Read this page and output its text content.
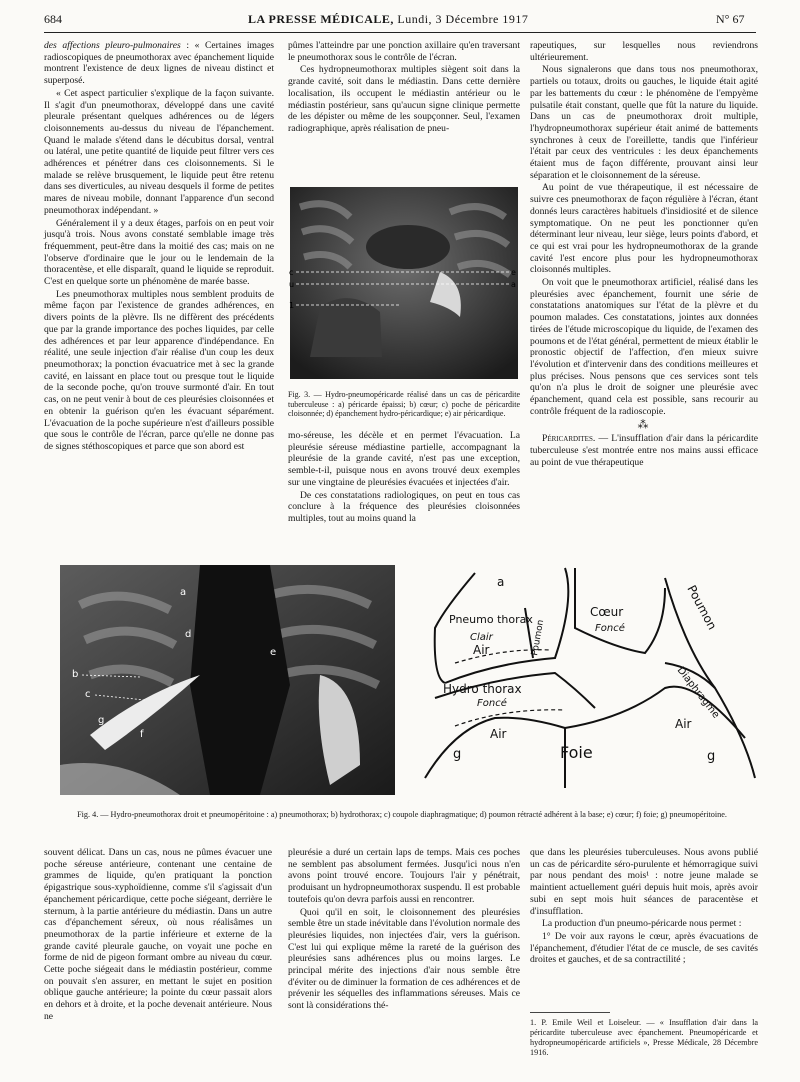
684	LA PRESSE MÉDICALE, Lundi, 3 Décembre 1917	N° 67

des affections pleuro-pulmonaires : « Certaines images radioscopiques de pneumothorax avec épanchement liquide montrent l'existence de deux lignes de niveau distinct et superposé.

« Cet aspect particulier s'explique de la façon suivante. Il s'agit d'un pneumothorax, développé dans une cavité pleurale présentant quelques adhérences ou de légers cloisonnements au-dessus du niveau de l'épanchement. Quand le malade s'étend dans le décubitus dorsal, ventral ou latéral, une petite quantité de liquide peut filtrer vers ces adhérences et pénétrer dans ces cloisonnements. Si le malade se relève brusquement, le liquide peut être retenu dans ses diverticules, au niveau desquels il forme de petites mares de niveau mobile, donnant l'apparence d'un second pneumothorax indépendant. »

Généralement il y a deux étages, parfois on en peut voir jusqu'à trois. Nous avons constaté semblable image très fréquemment, peut-être dans la moitié des cas; mais on ne l'observe d'ordinaire que le jour ou le lendemain de la thoracentèse, et elle disparaît, quand le liquide se reproduit. C'est en quelque sorte un phénomène de marée basse.

Les pneumothorax multiples nous semblent produits de même façon par l'existence de grandes adhérences, en divers points de la plèvre. Ils ne diffèrent des précédents que par la grande importance des poches liquides, par celle des adhérences et par leur apparence d'indépendance. En réalité, une seule injection d'air réalise d'un coup les deux pneumothorax; la ponction évacuatrice met à sec la grande cavité, en laissant en place tout ou presque tout le liquide de la seconde poche, qu'on trouve surmonté d'air. En tout cas, on ne peut venir à bout de ces pleurésies cloisonnées et en obtenir la guérison qu'en les évacuant séparément. L'évacuation de la poche supérieure n'est d'ailleurs possible que sous le contrôle de l'écran, parce qu'elle ne donne pas de signes stéthoscopiques et parce que son abord est

pûmes l'atteindre par une ponction axillaire qu'en traversant le pneumothorax sous le contrôle de l'écran.

Ces hydropneumothorax multiples siègent soit dans la grande cavité, soit dans le médiastin. Dans cette dernière localisation, ils occupent le médiastin antérieur ou le médiastin postérieur, sans qu'aucun signe clinique permette de les dépister ou même de les soupçonner. Seul, l'examen radiographique, après réalisation de pneu-

c
u
1
e
a
Fig. 3. — Hydro-pneumopéricarde réalisé dans un cas de péricardite tuberculeuse : a) péricarde épaissi; b) cœur; c) poche de péricardite cloisonnée; d) épanchement hydro-péricardique; e) air péricardique.

mo-séreuse, les décèle et en permet l'évacuation. La pleurésie séreuse médiastine partielle, accompagnant la pleurésie de la grande cavité, n'est pas une exception, semble-t-il, puisque nous en avons trouvé deux exemples sur une vingtaine de pleurésies évacuées et injectées d'air.

De ces constatations radiologiques, on peut en tous cas conclure à la fréquence des pleurésies cloisonnées multiples, tout au moins quand la

rapeutiques, sur lesquelles nous reviendrons ultérieurement.

Nous signalerons que dans tous nos pneumothorax, partiels ou totaux, droits ou gauches, le liquide était agité par les battements du cœur : le phénomène de l'empyème pulsatile était constant, quelle que fût la nature du liquide. Dans un cas de pneumothorax droit multiple, l'hydropneumothorax supérieur était animé de battements synchrones à ceux de l'oreillette, tandis que l'inférieur l'était par ceux des ventricules : les deux épanchements étaient mus de façon différente, prouvant ainsi leur séparation et le cloisonnement de la séreuse.

Au point de vue thérapeutique, il est nécessaire de suivre ces pneumothorax de façon régulière à l'écran, étant donnés leurs caractères habituels d'insidiosité et de silence symptomatique. On ne peut les ponctionner qu'en déterminant leur niveau, leur siège, leurs points d'abord, et ce qui est vrai pour les hydropneumothorax de la grande cavité l'est encore plus pour les hydropneumothorax cloisonnés multiples.

On voit que le pneumothorax artificiel, réalisé dans les pleurésies avec épanchement, fournit une série de constatations anatomiques sur l'état de la plèvre et du poumon malades. Ces constatations, jointes aux données tirées de l'étude microscopique du liquide, de l'examen des poumons et de l'état général, permettent de mieux établir le pronostic objectif de l'affection, d'en mieux suivre l'évolution et d'intervenir dans des conditions meilleures et plus précises. Nous pensons que ces services sont tels qu'on n'a plus le droit de soigner une pleurésie avec épanchement, quand cela est possible, sans recourir au contrôle fréquent de la radioscopie.

⁂

Péricardites. — L'insufflation d'air dans la péricardite tuberculeuse s'est montrée entre nos mains aussi efficace au point de vue thérapeutique

a
d
e
b
c
g
f
a
Pneumo thorax
Clair
Air	Poumon
Cœur
Foncé	Poumon
Hydro thorax
Foncé	Diaphragme
Air
Air
g	Foie	g
Fig. 4. — Hydro-pneumothorax droit et pneumopéritoine : a) pneumothorax; b) hydrothorax; c) coupole diaphragmatique; d) poumon rétracté adhérent à la base; e) cœur; f) foie; g) pneumopéritoine.

souvent délicat. Dans un cas, nous ne pûmes évacuer une poche séreuse antérieure, contenant une centaine de grammes de liquide, qu'en pratiquant la ponction épigastrique sous-xyphoïdienne, comme s'il s'agissait d'un épanchement péricardique, cette poche siégeant, derrière le sternum, à la partie antérieure du médiastin. Dans un autre cas d'épanchement séreux, où nous réalisâmes un pneumothorax de la partie inférieure et externe de la grande cavité pleurale gauche, on voyait une poche en forme de nid de pigeon formant ombre au niveau du cœur. Cette poche siégeait dans le médiastin postérieur, comme on pouvait s'en assurer, en mettant le sujet en position oblique gauche antérieure; la pointe du cœur passait alors en dehors et à droite, et la poche devenait antérieure. Nous ne

pleurésie a duré un certain laps de temps. Mais ces poches ne semblent pas absolument fermées. Jusqu'ici nous n'en avons point trouvé encore. Toujours l'air y pénétrait, produisant un hydropneumothorax suspendu. Il est probable toutefois qu'on devra parfois aussi en rencontrer.

Quoi qu'il en soit, le cloisonnement des pleurésies semble être un stade inévitable dans l'évolution normale des pleurésies liquides, non injectées d'air, vers la guérison. C'est lui qui explique même la rareté de la guérison des pleurésies sans adhérences plus ou moins larges. Le principal mérite des injections d'air nous semble être d'éviter ou de diminuer la formation de ces adhérences et de prévenir les séquelles des inflammations séreuses. Mais ce sont là considérations thé-

que dans les pleurésies tuberculeuses. Nous avons publié un cas de péricardite séro-purulente et hémorragique suivi par nous pendant des mois¹ : notre jeune malade se maintient actuellement guéri depuis huit mois, après avoir subi en sept mois huit séances de paracentèse et d'insufflation.

La production d'un pneumo-péricarde nous permet :

1° De voir aux rayons le cœur, après évacuations de l'épanchement, d'étudier l'état de ce muscle, de ses cavités droites et gauches, et de sa contractilité ;

1. P. Emile Weil et Loiseleur. — « Insufflation d'air dans la péricardite tuberculeuse avec épanchement. Pneumopéricarde et hydropneumopéricarde artificiels », Presse Médicale, 28 Décembre 1916.
